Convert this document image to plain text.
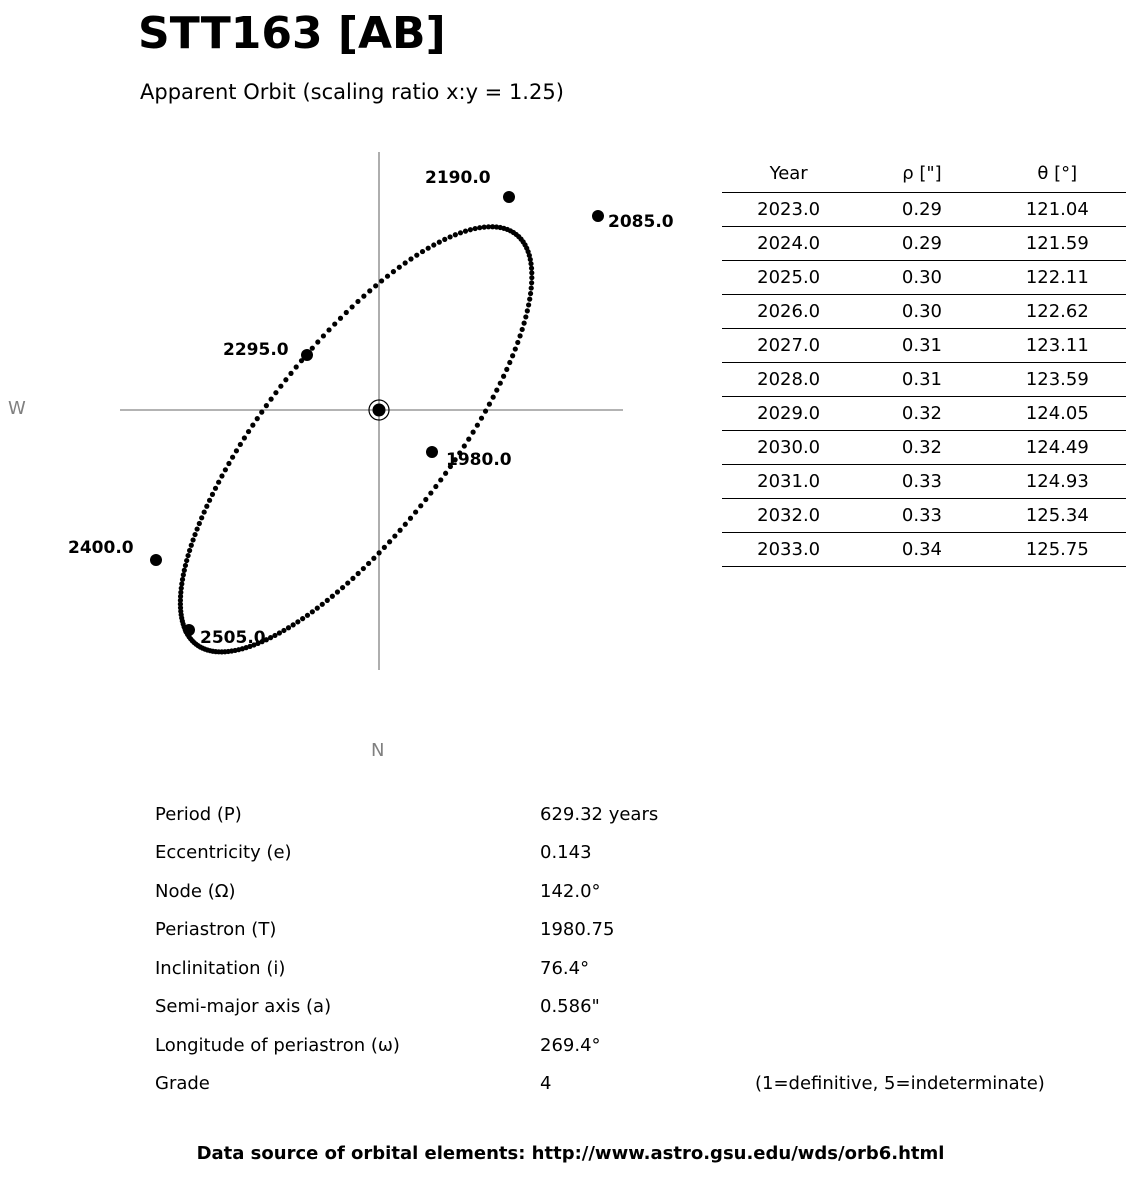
STT163 [AB]
Apparent Orbit (scaling ratio x:y = 1.25)
W
N
2190.0
2085.0
2295.0
1980.0
2400.0
2505.0
Year	ρ ["]	θ [°]
2023.0	0.29	121.04
2024.0	0.29	121.59
2025.0	0.30	122.11
2026.0	0.30	122.62
2027.0	0.31	123.11
2028.0	0.31	123.59
2029.0	0.32	124.05
2030.0	0.32	124.49
2031.0	0.33	124.93
2032.0	0.33	125.34
2033.0	0.34	125.75
Period (P)	629.32 years
Eccentricity (e)	0.143
Node (Ω)	142.0°
Periastron (T)	1980.75
Inclinitation (i)	76.4°
Semi-major axis (a)	0.586"
Longitude of periastron (ω)	269.4°
Grade	4	(1=definitive, 5=indeterminate)
Data source of orbital elements: http://www.astro.gsu.edu/wds/orb6.html
